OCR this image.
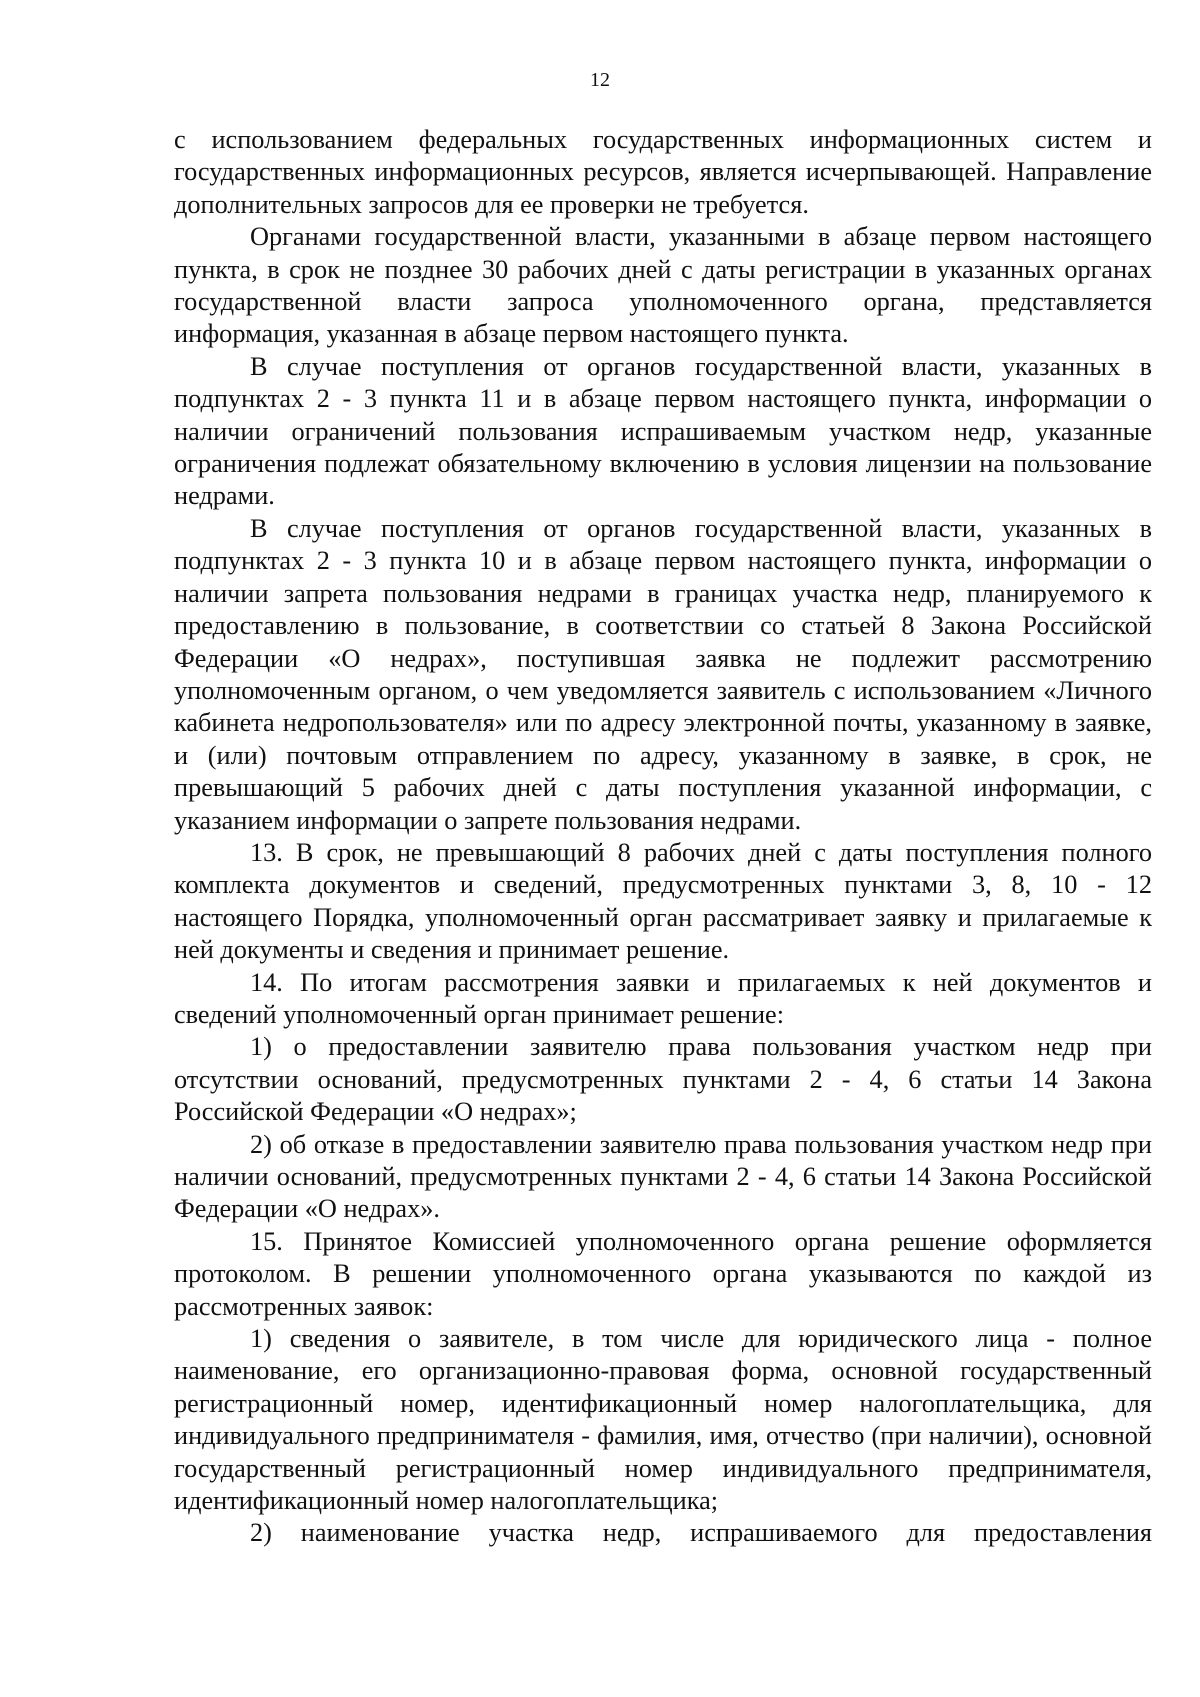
12

с использованием федеральных государственных информационных систем и государственных информационных ресурсов, является исчерпывающей. Направление дополнительных запросов для ее проверки не требуется.

Органами государственной власти, указанными в абзаце первом настоящего пункта, в срок не позднее 30 рабочих дней с даты регистрации в указанных органах государственной власти запроса уполномоченного органа, представляется информация, указанная в абзаце первом настоящего пункта.

В случае поступления от органов государственной власти, указанных в подпунктах 2 - 3 пункта 11 и в абзаце первом настоящего пункта, информации о наличии ограничений пользования испрашиваемым участком недр, указанные ограничения подлежат обязательному включению в условия лицензии на пользование недрами.

В случае поступления от органов государственной власти, указанных в подпунктах 2 - 3 пункта 10 и в абзаце первом настоящего пункта, информации о наличии запрета пользования недрами в границах участка недр, планируемого к предоставлению в пользование, в соответствии со статьей 8 Закона Российской Федерации «О недрах», поступившая заявка не подлежит рассмотрению уполномоченным органом, о чем уведомляется заявитель с использованием «Личного кабинета недропользователя» или по адресу электронной почты, указанному в заявке, и (или) почтовым отправлением по адресу, указанному в заявке, в срок, не превышающий 5 рабочих дней с даты поступления указанной информации, с указанием информации о запрете пользования недрами.

13. В срок, не превышающий 8 рабочих дней с даты поступления полного комплекта документов и сведений, предусмотренных пунктами 3, 8, 10 - 12 настоящего Порядка, уполномоченный орган рассматривает заявку и прилагаемые к ней документы и сведения и принимает решение.

14. По итогам рассмотрения заявки и прилагаемых к ней документов и сведений уполномоченный орган принимает решение:

1) о предоставлении заявителю права пользования участком недр при отсутствии оснований, предусмотренных пунктами 2 - 4, 6 статьи 14 Закона Российской Федерации «О недрах»;

2) об отказе в предоставлении заявителю права пользования участком недр при наличии оснований, предусмотренных пунктами 2 - 4, 6 статьи 14 Закона Российской Федерации «О недрах».

15. Принятое Комиссией уполномоченного органа решение оформляется протоколом. В решении уполномоченного органа указываются по каждой из рассмотренных заявок:

1) сведения о заявителе, в том числе для юридического лица - полное наименование, его организационно-правовая форма, основной государственный регистрационный номер, идентификационный номер налогоплательщика, для индивидуального предпринимателя - фамилия, имя, отчество (при наличии), основной государственный регистрационный номер индивидуального предпринимателя, идентификационный номер налогоплательщика;

2) наименование участка недр, испрашиваемого для предоставления
